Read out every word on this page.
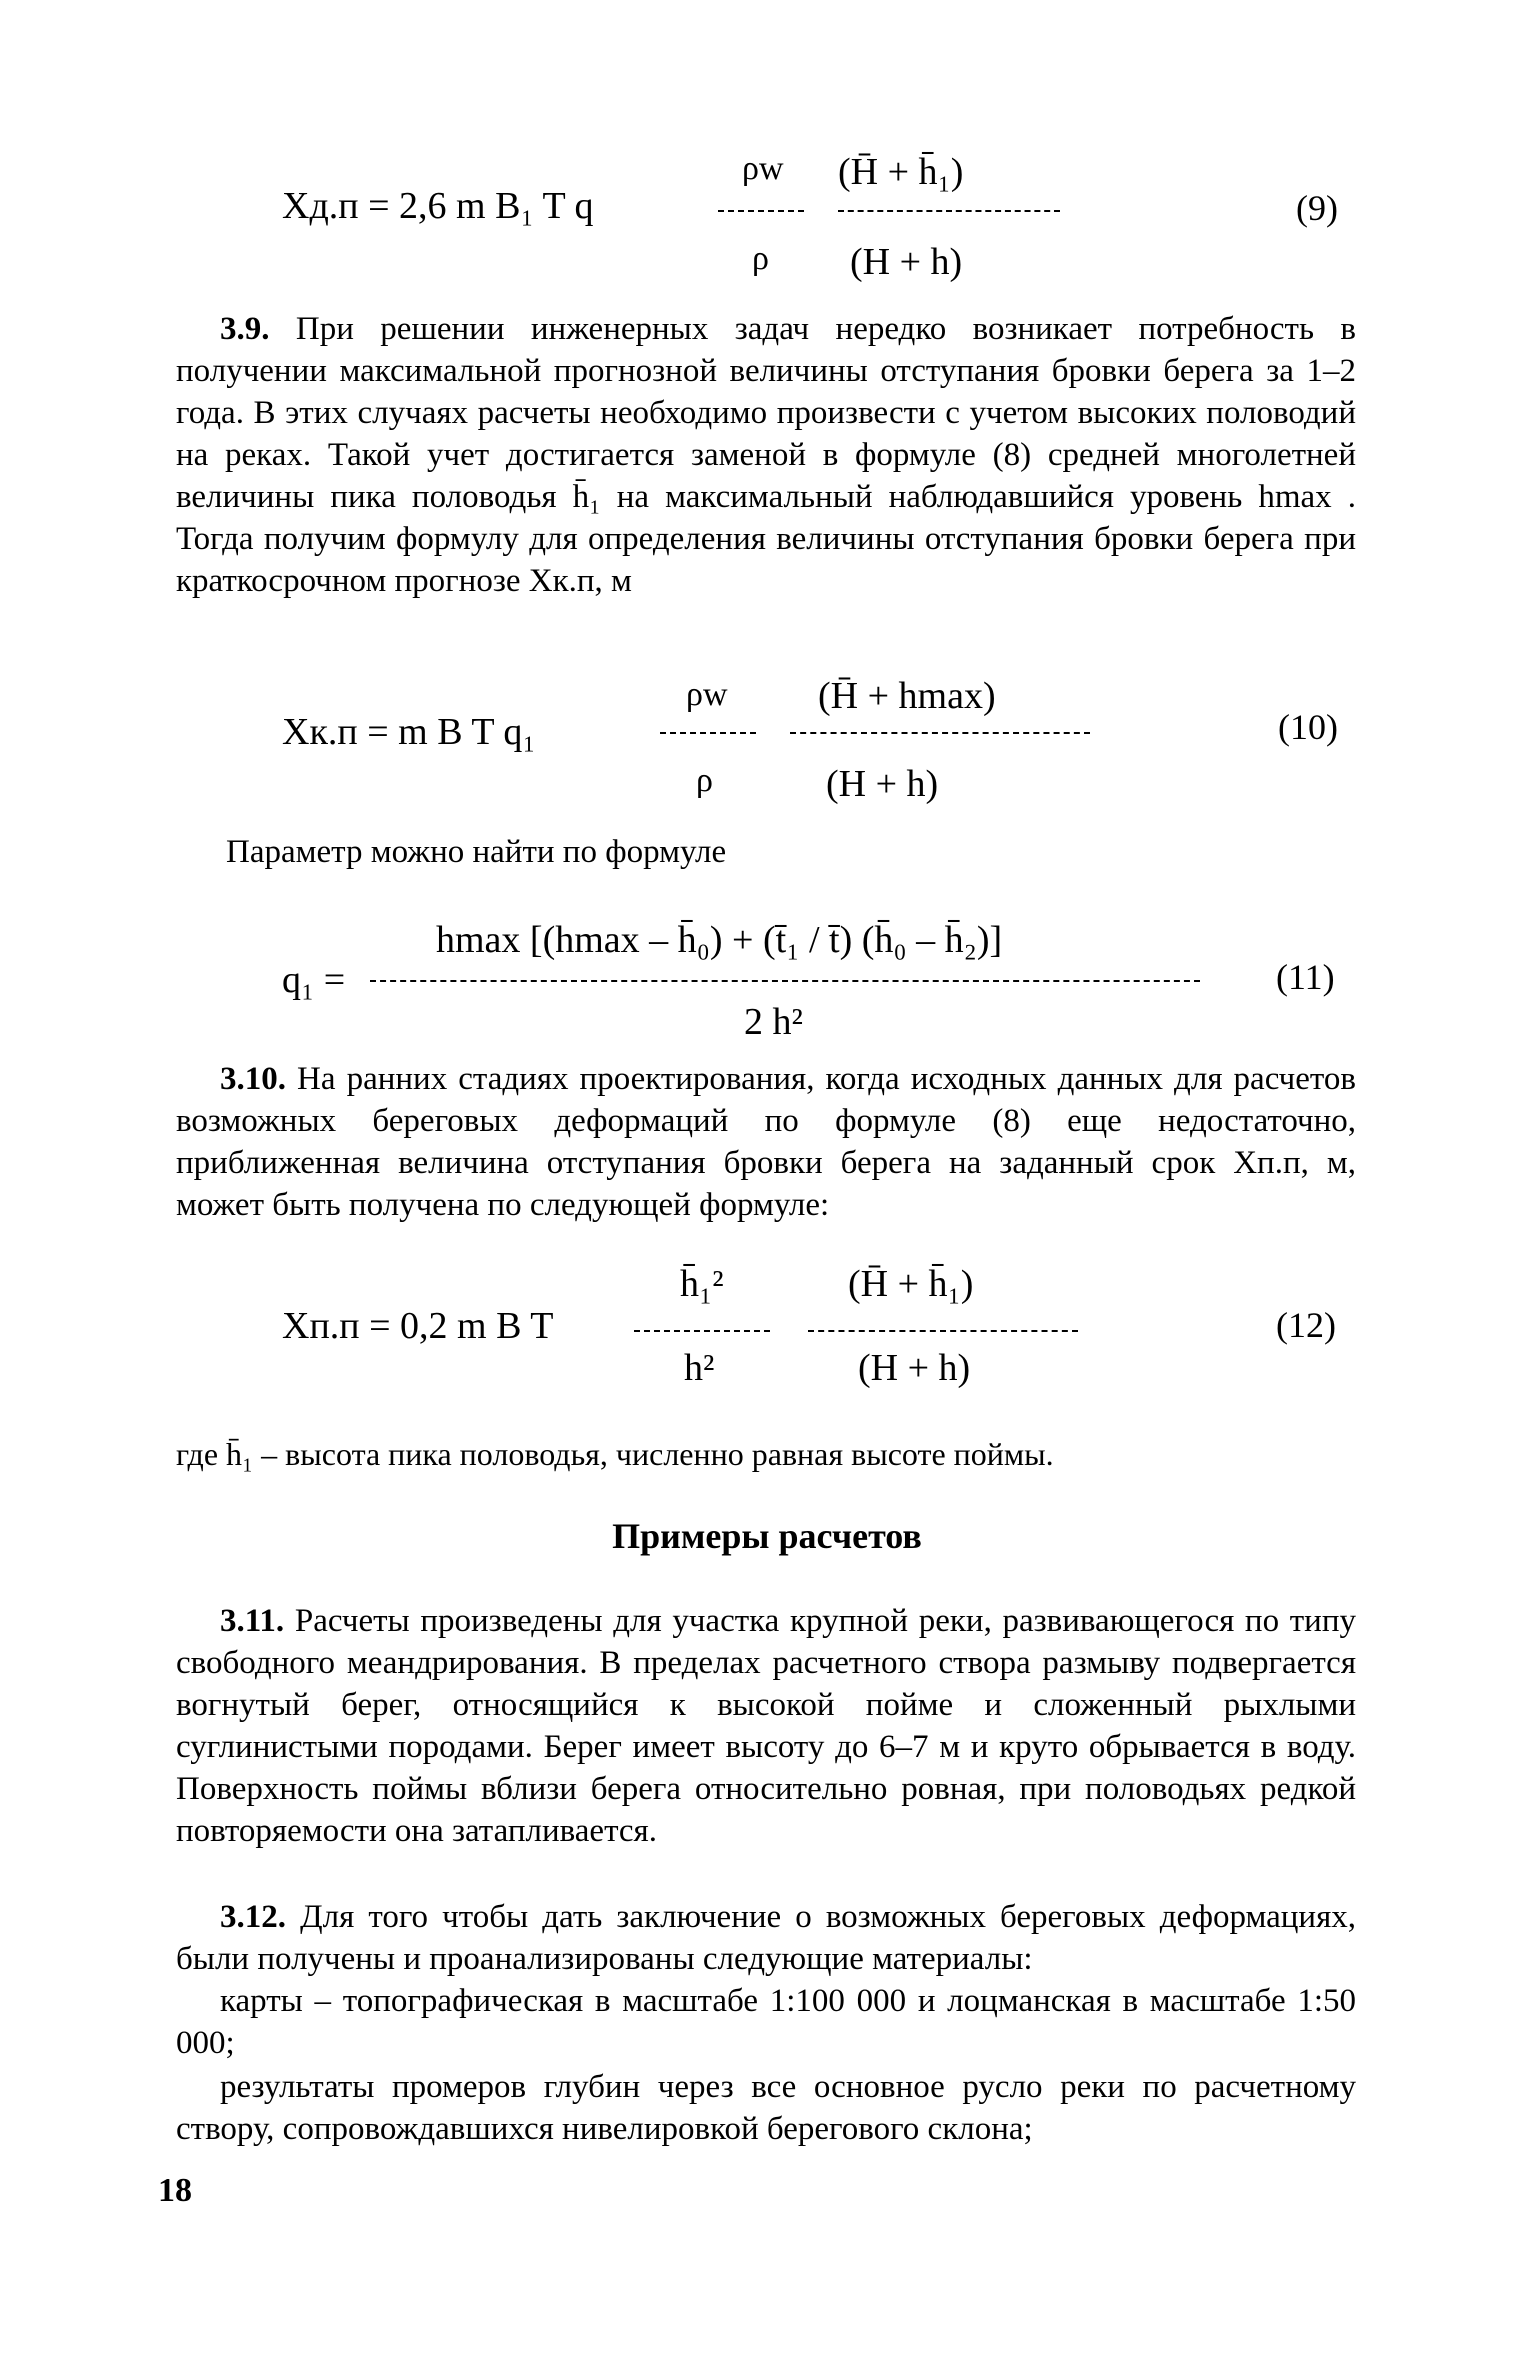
Xд.п = 2,6 m B₁ T q
ρw
ρ
(H̄ + h̄₁)
(H + h)
(9)
3.9. При решении инженерных задач нередко возникает потребность в получении максимальной прогнозной величины отступания бровки берега за 1–2 года. В этих случаях расчеты необходимо произвести с учетом высоких половодий на реках. Такой учет достигается заменой в формуле (8) средней многолетней величины пика половодья h̄₁ на максимальный наблюдавшийся уровень hmax . Тогда получим формулу для определения величины отступания бровки берега при краткосрочном прогнозе Xк.п, м
Xк.п = m B T q₁
ρw
ρ
(H̄ + hmax)
(H + h)
(10)
Параметр можно найти по формуле
q₁ =
hmax [(hmax – h̄₀) + (t̄₁ / t̄) (h̄₀ – h̄₂)]
2 h²
(11)
3.10. На ранних стадиях проектирования, когда исходных данных для расчетов возможных береговых деформаций по формуле (8) еще недостаточно, приближенная величина отступания бровки берега на заданный срок Xп.п, м, может быть получена по следующей формуле:
Xп.п = 0,2 m B T
h̄₁²
h²
(H̄ + h̄₁)
(H + h)
(12)
где h̄₁ – высота пика половодья, численно равная высоте поймы.
Примеры расчетов
3.11. Расчеты произведены для участка крупной реки, развивающегося по типу свободного меандрирования. В пределах расчетного створа размыву подвергается вогнутый берег, относящийся к высокой пойме и сложенный рыхлыми суглинистыми породами. Берег имеет высоту до 6–7 м и круто обрывается в воду. Поверхность поймы вблизи берега относительно ровная, при половодьях редкой повторяемости она затапливается.
3.12. Для того чтобы дать заключение о возможных береговых деформациях, были получены и проанализированы следующие материалы:
карты – топографическая в масштабе 1:100 000 и лоцманская в масштабе 1:50 000;
результаты промеров глубин через все основное русло реки по расчетному створу, сопровождавшихся нивелировкой берегового склона;
18
